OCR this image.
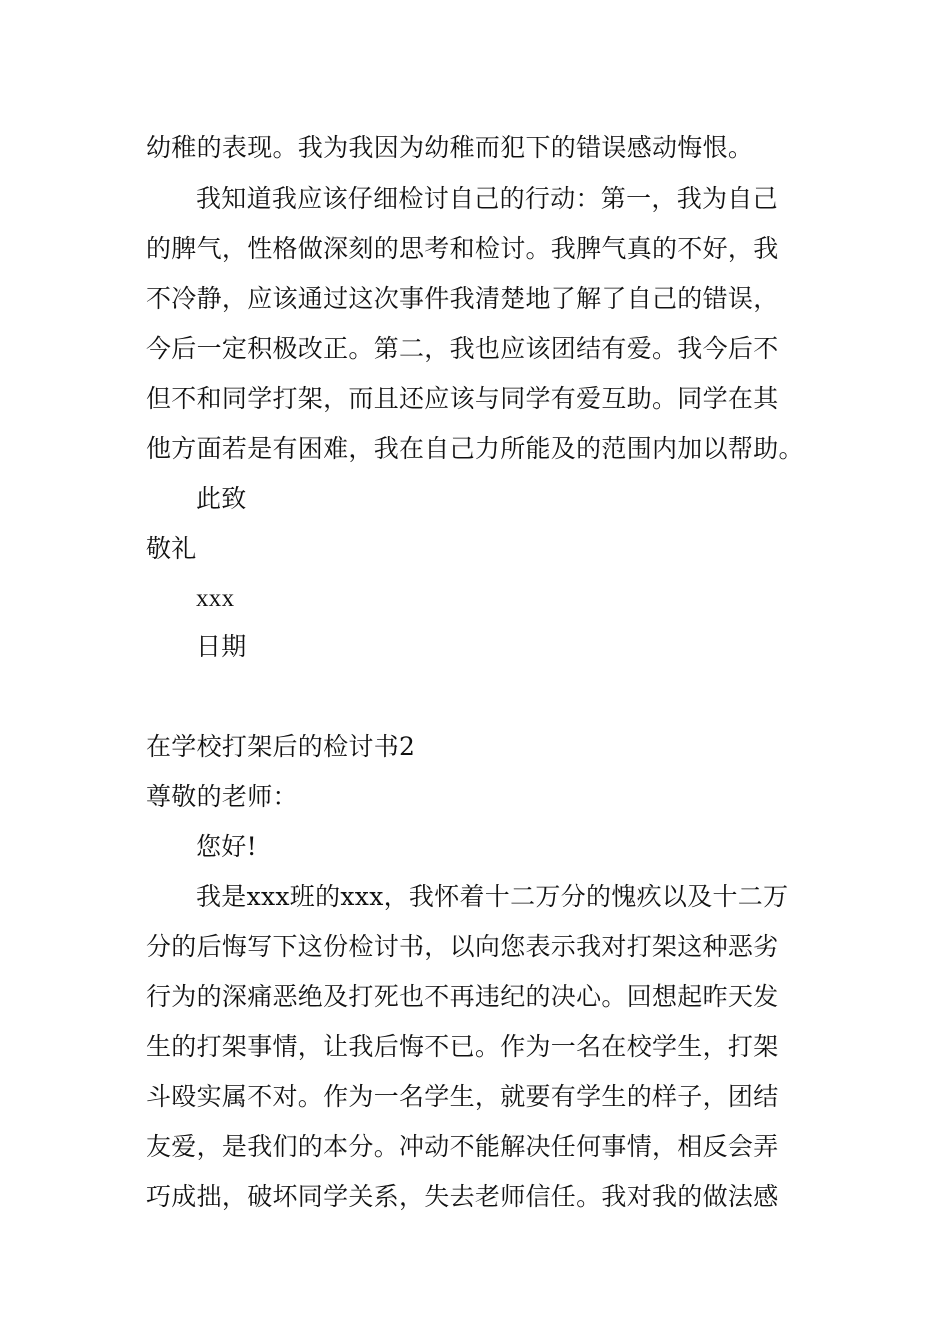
幼稚的表现。我为我因为幼稚而犯下的错误感动悔恨。
我知道我应该仔细检讨自己的行动：第一，我为自己
的脾气，性格做深刻的思考和检讨。我脾气真的不好，我
不冷静，应该通过这次事件我清楚地了解了自己的错误，
今后一定积极改正。第二，我也应该团结有爱。我今后不
但不和同学打架，而且还应该与同学有爱互助。同学在其
他方面若是有困难，我在自己力所能及的范围内加以帮助。
此致
敬礼
xxx
日期
在学校打架后的检讨书2
尊敬的老师：
您好!
我是xxx班的xxx，我怀着十二万分的愧疚以及十二万
分的后悔写下这份检讨书，以向您表示我对打架这种恶劣
行为的深痛恶绝及打死也不再违纪的决心。回想起昨天发
生的打架事情，让我后悔不已。作为一名在校学生，打架
斗殴实属不对。作为一名学生，就要有学生的样子，团结
友爱，是我们的本分。冲动不能解决任何事情，相反会弄
巧成拙，破坏同学关系，失去老师信任。我对我的做法感
